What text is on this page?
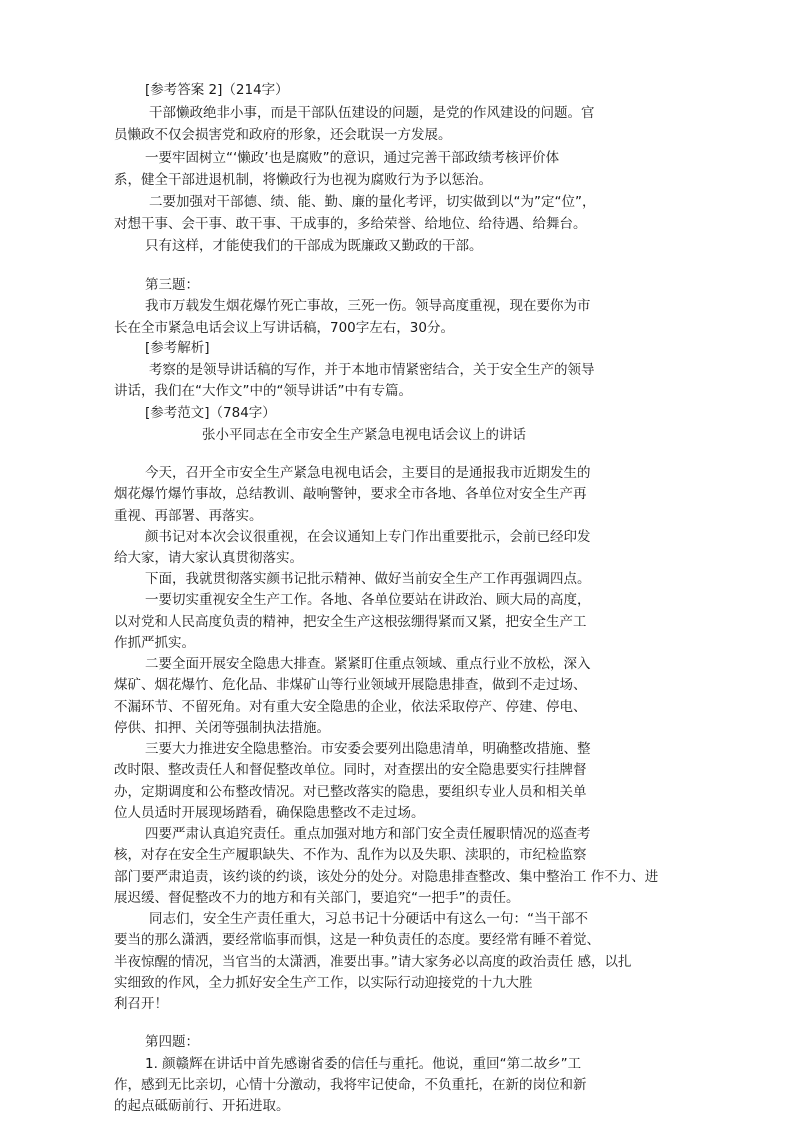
[参考答案 2]（214字）
干部懒政绝非小事，而是干部队伍建设的问题，是党的作风建设的问题。官
员懒政不仅会损害党和政府的形象，还会耽误一方发展。
一要牢固树立“‘懒政’也是腐败”的意识，通过完善干部政绩考核评价体
系，健全干部进退机制，将懒政行为也视为腐败行为予以惩治。
二要加强对干部德、绩、能、勤、廉的量化考评，切实做到以“为”定“位”，
对想干事、会干事、敢干事、干成事的，多给荣誉、给地位、给待遇、给舞台。
只有这样，才能使我们的干部成为既廉政又勤政的干部。
第三题：
我市万载发生烟花爆竹死亡事故，三死一伤。领导高度重视，现在要你为市
长在全市紧急电话会议上写讲话稿，700字左右，30分。
[参考解析]
考察的是领导讲话稿的写作，并于本地市情紧密结合，关于安全生产的领导
讲话，我们在“大作文”中的“领导讲话”中有专篇。
[参考范文]（784字）
张小平同志在全市安全生产紧急电视电话会议上的讲话
今天，召开全市安全生产紧急电视电话会，主要目的是通报我市近期发生的
烟花爆竹爆竹事故，总结教训、敲响警钟，要求全市各地、各单位对安全生产再
重视、再部署、再落实。
颜书记对本次会议很重视，在会议通知上专门作出重要批示，会前已经印发
给大家，请大家认真贯彻落实。
下面，我就贯彻落实颜书记批示精神、做好当前安全生产工作再强调四点。
一要切实重视安全生产工作。各地、各单位要站在讲政治、顾大局的高度，
以对党和人民高度负责的精神，把安全生产这根弦绷得紧而又紧，把安全生产工
作抓严抓实。
二要全面开展安全隐患大排查。紧紧盯住重点领域、重点行业不放松，深入
煤矿、烟花爆竹、危化品、非煤矿山等行业领域开展隐患排查，做到不走过场、
不漏环节、不留死角。对有重大安全隐患的企业，依法采取停产、停建、停电、
停供、扣押、关闭等强制执法措施。
三要大力推进安全隐患整治。市安委会要列出隐患清单，明确整改措施、整
改时限、整改责任人和督促整改单位。同时，对查摆出的安全隐患要实行挂牌督
办，定期调度和公布整改情况。对已整改落实的隐患，要组织专业人员和相关单
位人员适时开展现场踏看，确保隐患整改不走过场。
四要严肃认真追究责任。重点加强对地方和部门安全责任履职情况的巡查考
核，对存在安全生产履职缺失、不作为、乱作为以及失职、渎职的，市纪检监察
部门要严肃追责，该约谈的约谈，该处分的处分。对隐患排查整改、集中整治工 作不力、进
展迟缓、督促整改不力的地方和有关部门，要追究“一把手”的责任。
同志们，安全生产责任重大，习总书记十分硬话中有这么一句：“当干部不
要当的那么潇洒，要经常临事而惧，这是一种负责任的态度。要经常有睡不着觉、
半夜惊醒的情况，当官当的太潇洒，准要出事。”请大家务必以高度的政治责任 感，以扎
实细致的作风，全力抓好安全生产工作，以实际行动迎接党的十九大胜
利召开！
第四题：
1. 颜赣辉在讲话中首先感谢省委的信任与重托。他说，重回“第二故乡”工
作，感到无比亲切，心情十分激动，我将牢记使命，不负重托，在新的岗位和新
的起点砥砺前行、开拓进取。
